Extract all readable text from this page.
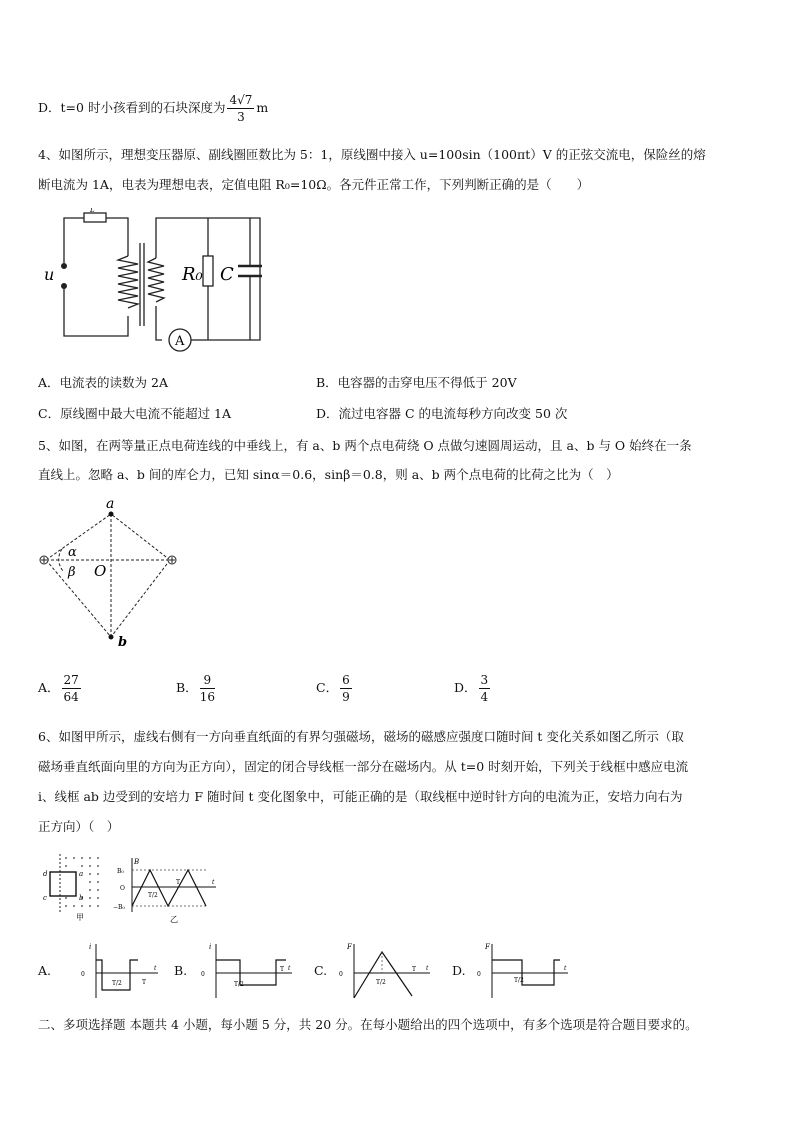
D．t=0 时小孩看到的石块深度为 $\frac{4√7}{3}$ m
4、如图所示，理想变压器原、副线圈匝数比为 5：1，原线圈中接入 u=100sin（100πt）V 的正弦交流电，保险丝的熔
断电流为 1A，电表为理想电表，定值电阻 R₀=10Ω。各元件正常工作，下列判断正确的是（　　）
u
L
R₀ C
A
A．电流表的读数为 2A	B．电容器的击穿电压不得低于 20V
C．原线圈中最大电流不能超过 1A	D．流过电容器 C 的电流每秒方向改变 50 次
5、如图，在两等量正点电荷连线的中垂线上，有 a、b 两个点电荷绕 O 点做匀速圆周运动，且 a、b 与 O 始终在一条
直线上。忽略 a、b 间的库仑力，已知 sinα＝0.6，sinβ＝0.8，则 a、b 两个点电荷的比荷之比为（　）
a
b
O
α
β
A． $\frac{27}{64}$	B． $\frac{9}{16}$	C． $\frac{6}{9}$	D． $\frac{3}{4}$
6、如图甲所示，虚线右侧有一方向垂直纸面的有界匀强磁场，磁场的磁感应强度口随时间 t 变化关系如图乙所示（取
磁场垂直纸面向里的方向为正方向），固定的闭合导线框一部分在磁场内。从 t=0 时刻开始，下列关于线框中感应电流
i、线框 ab 边受到的安培力 F 随时间 t 变化图象中，可能正确的是（取线框中逆时针方向的电流为正，安培力向右为
正方向）（　）
d	a
c	b
甲
B
B₀
O
−B₀
T/2
T	t
乙
A.
i
0
T/2	T
t B.
i
0
T/2
T t C.
F
0
T/2
T t D.
F
0
T/2
t
二、多项选择题 本题共 4 小题，每小题 5 分，共 20 分。在每小题给出的四个选项中，有多个选项是符合题目要求的。
